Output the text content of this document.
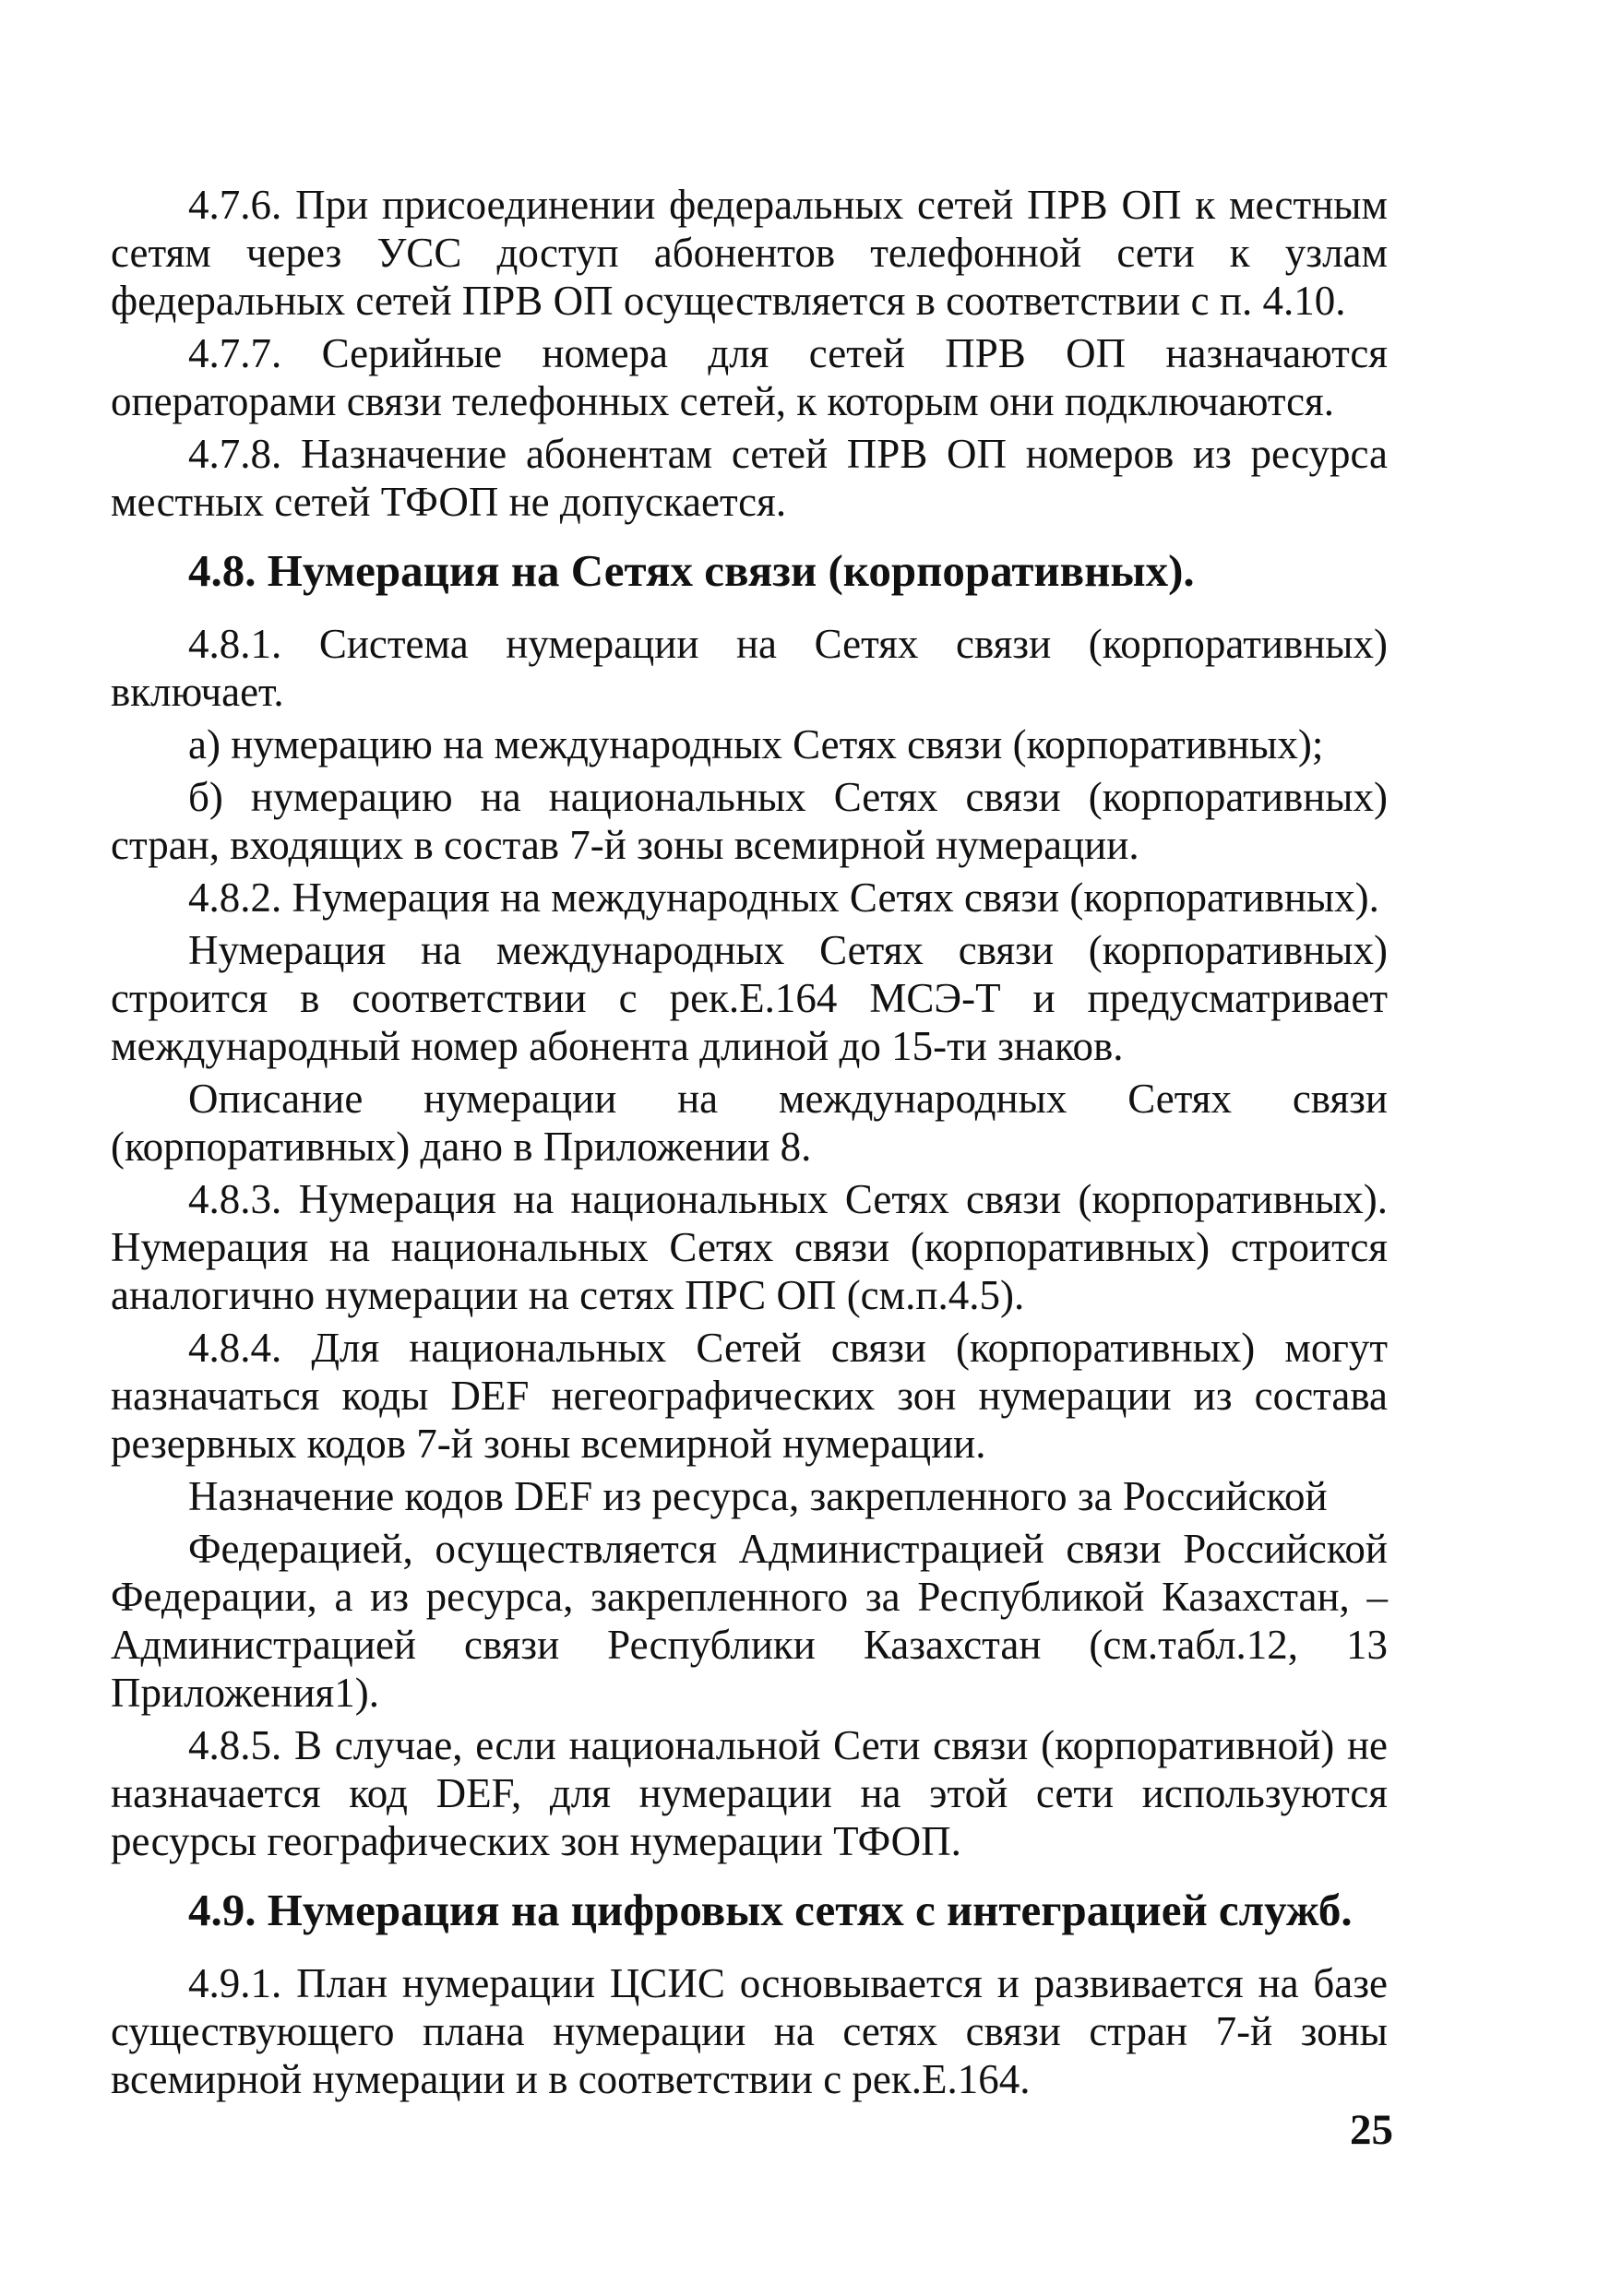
4.7.6. При присоединении федеральных сетей ПРВ ОП к местным сетям через УСС доступ абонентов телефонной сети к узлам федеральных сетей ПРВ ОП осуществляется в соответствии с п. 4.10.

4.7.7. Серийные номера для сетей ПРВ ОП назначаются операторами связи телефонных сетей, к которым они подключаются.

4.7.8. Назначение абонентам сетей ПРВ ОП номеров из ресурса местных сетей ТФОП не допускается.

4.8. Нумерация на Сетях связи (корпоративных).

4.8.1. Система нумерации на Сетях связи (корпоративных) включает.

а) нумерацию на международных Сетях связи (корпоративных);

б) нумерацию на национальных Сетях связи (корпоративных) стран, входящих в состав 7-й зоны всемирной нумерации.

4.8.2. Нумерация на международных Сетях связи (корпоративных).

Нумерация на международных Сетях связи (корпоративных) строится в соответствии с рек.Е.164 МСЭ-Т и предусматривает международный номер абонента длиной до 15-ти знаков.

Описание нумерации на международных Сетях связи (корпоративных) дано в Приложении 8.

4.8.3. Нумерация на национальных Сетях связи (корпоративных). Нумерация на национальных Сетях связи (корпоративных) строится аналогично нумерации на сетях ПРС ОП (см.п.4.5).

4.8.4. Для национальных Сетей связи (корпоративных) могут назначаться коды DEF негеографических зон нумерации из состава резервных кодов 7-й зоны всемирной нумерации.

Назначение кодов DEF из ресурса, закрепленного за Российской

Федерацией, осуществляется Администрацией связи Российской Федерации, а из ресурса, закрепленного за Республикой Казахстан, – Администрацией связи Республики Казахстан (см.табл.12, 13 Приложения1).

4.8.5. В случае, если национальной Сети связи (корпоративной) не назначается код DEF, для нумерации на этой сети используются ресурсы географических зон нумерации ТФОП.

4.9. Нумерация на цифровых сетях с интеграцией служб.

4.9.1. План нумерации ЦСИС основывается и развивается на базе существующего плана нумерации на сетях связи стран 7-й зоны всемирной нумерации и в соответствии с рек.Е.164.

25
